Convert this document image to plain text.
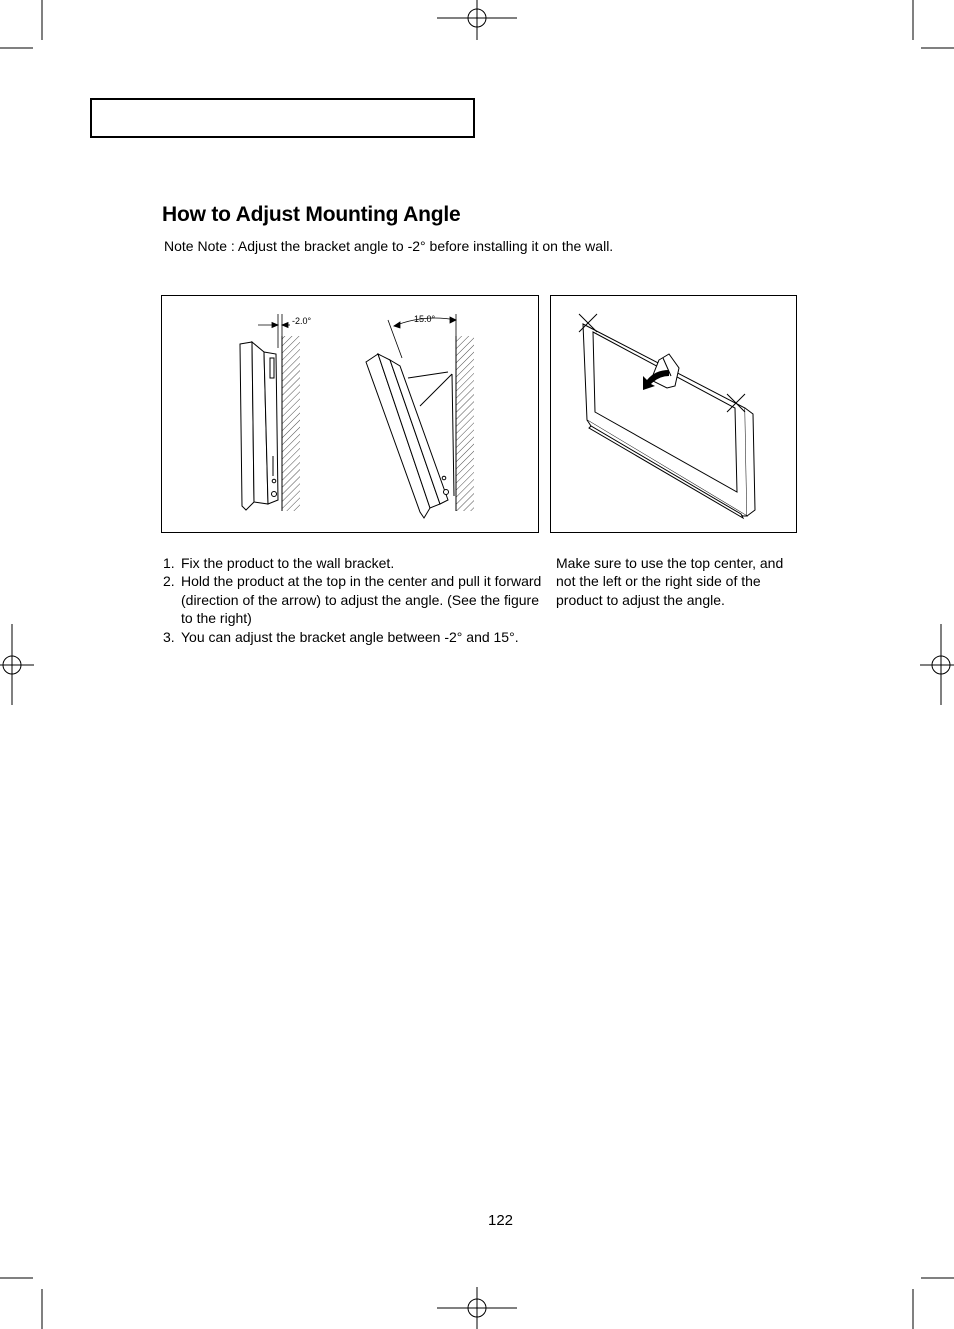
How to Adjust Mounting Angle
Note Note : Adjust the bracket angle to -2° before installing it on the wall.
-2.0°	15.0°
1. Fix the product to the wall bracket.
2. Hold the product at the top in the center and pull it forward (direction of the arrow) to adjust the angle. (See the figure to the right)
3. You can adjust the bracket angle between -2° and 15°.
Make sure to use the top center, and not the left or the right side of the product to adjust the angle.
122
